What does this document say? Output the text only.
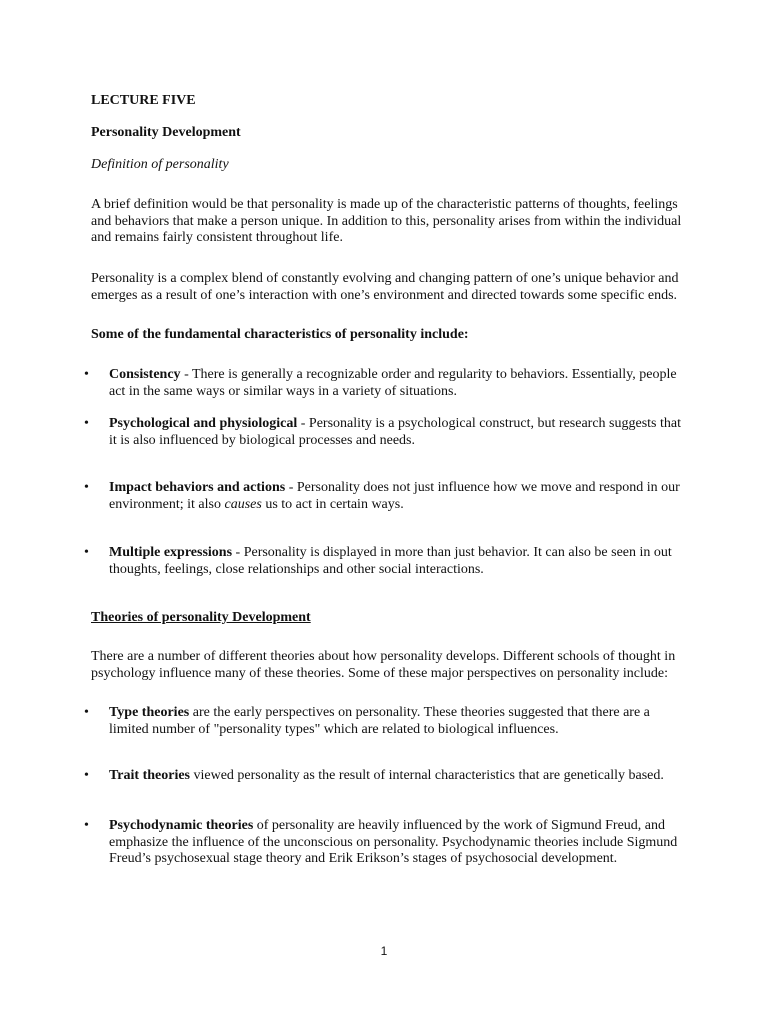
LECTURE FIVE
Personality Development
Definition of personality
A brief definition would be that personality is made up of the characteristic patterns of thoughts, feelings and behaviors that make a person unique. In addition to this, personality arises from within the individual and remains fairly consistent throughout life.
Personality is a complex blend of constantly evolving and changing pattern of one’s unique behavior and emerges as a result of one’s interaction with one’s environment and directed towards some specific ends.
Some of the fundamental characteristics of personality include:
• Consistency - There is generally a recognizable order and regularity to behaviors. Essentially, people act in the same ways or similar ways in a variety of situations.
• Psychological and physiological - Personality is a psychological construct, but research suggests that it is also influenced by biological processes and needs.
• Impact behaviors and actions - Personality does not just influence how we move and respond in our environment; it also causes us to act in certain ways.
• Multiple expressions - Personality is displayed in more than just behavior. It can also be seen in out thoughts, feelings, close relationships and other social interactions.
Theories of personality Development
There are a number of different theories about how personality develops. Different schools of thought in psychology influence many of these theories. Some of these major perspectives on personality include:
• Type theories are the early perspectives on personality. These theories suggested that there are a limited number of "personality types" which are related to biological influences.
• Trait theories viewed personality as the result of internal characteristics that are genetically based.
• Psychodynamic theories of personality are heavily influenced by the work of Sigmund Freud, and emphasize the influence of the unconscious on personality. Psychodynamic theories include Sigmund Freud’s psychosexual stage theory and Erik Erikson’s stages of psychosocial development.
1
